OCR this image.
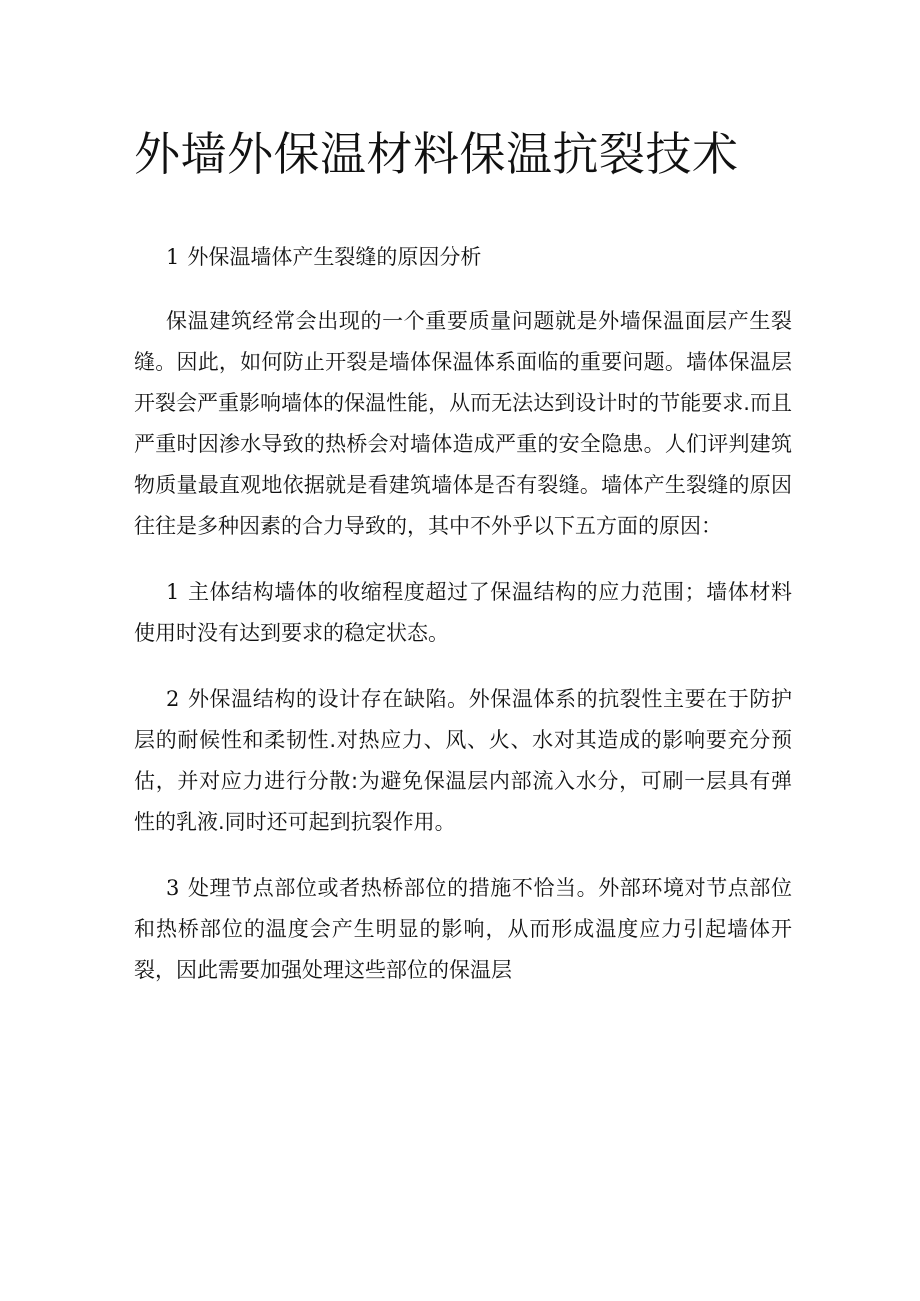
外墙外保温材料保温抗裂技术

1 外保温墙体产生裂缝的原因分析

保温建筑经常会出现的一个重要质量问题就是外墙保温面层产生裂缝。因此，如何防止开裂是墙体保温体系面临的重要问题。墙体保温层开裂会严重影响墙体的保温性能，从而无法达到设计时的节能要求.而且严重时因渗水导致的热桥会对墙体造成严重的安全隐患。人们评判建筑物质量最直观地依据就是看建筑墙体是否有裂缝。墙体产生裂缝的原因往往是多种因素的合力导致的，其中不外乎以下五方面的原因：

1 主体结构墙体的收缩程度超过了保温结构的应力范围；墙体材料使用时没有达到要求的稳定状态。

2 外保温结构的设计存在缺陷。外保温体系的抗裂性主要在于防护层的耐候性和柔韧性.对热应力、风、火、水对其造成的影响要充分预估，并对应力进行分散:为避免保温层内部流入水分，可刷一层具有弹性的乳液.同时还可起到抗裂作用。

3 处理节点部位或者热桥部位的措施不恰当。外部环境对节点部位和热桥部位的温度会产生明显的影响，从而形成温度应力引起墙体开裂，因此需要加强处理这些部位的保温层
